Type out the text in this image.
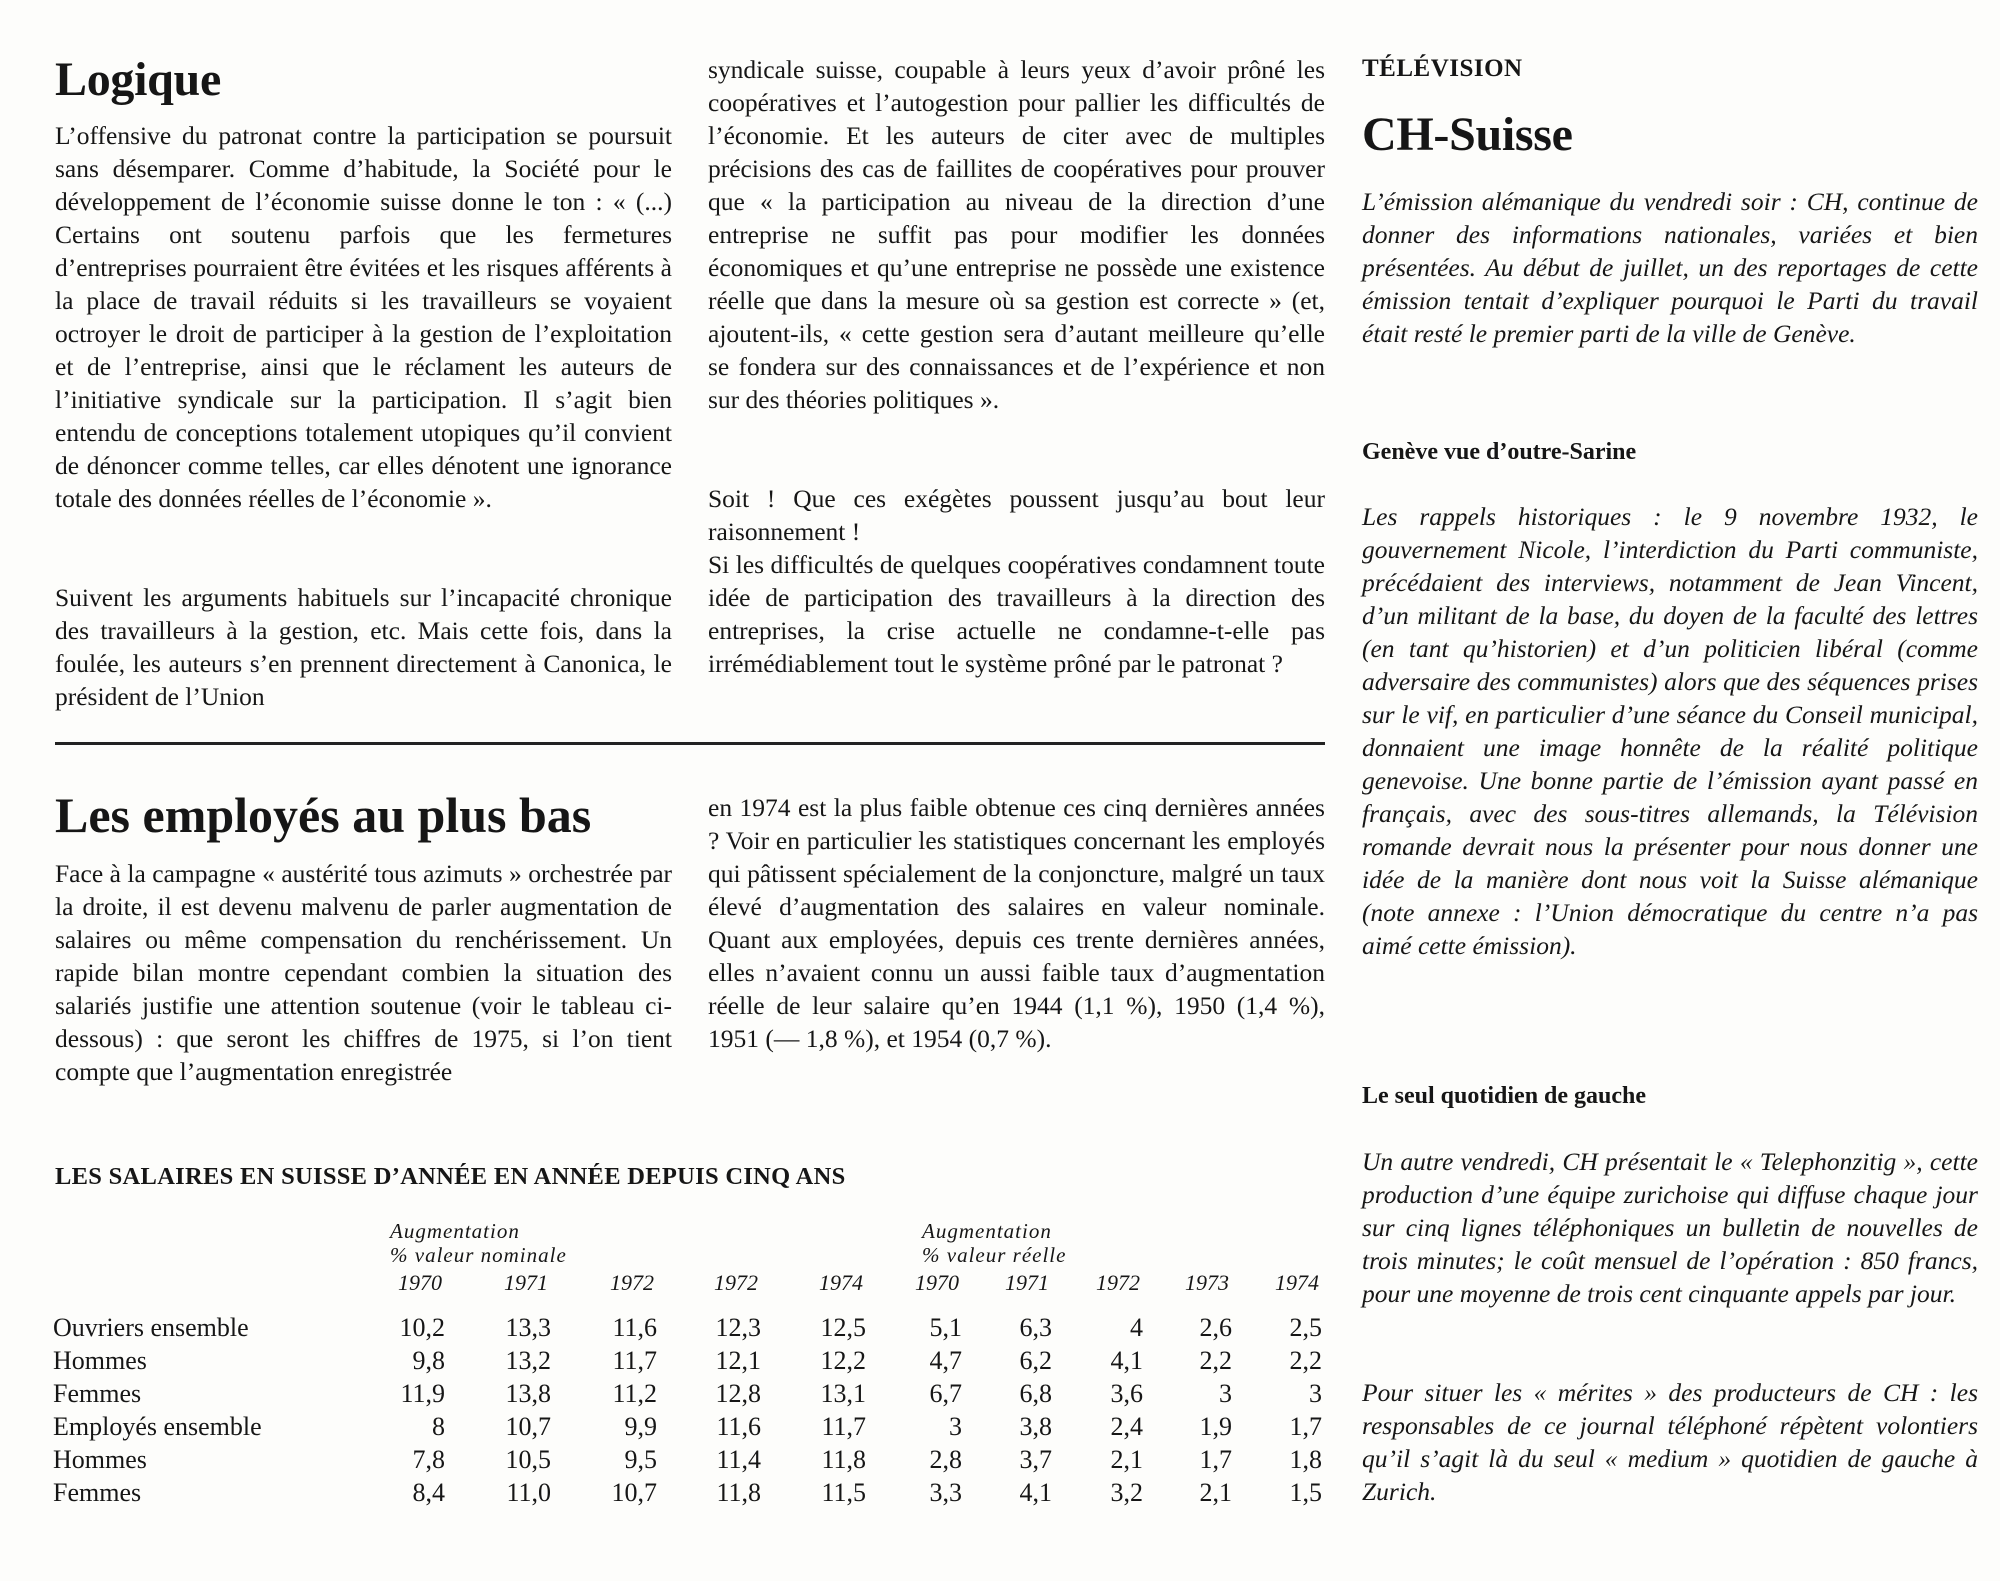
Logique

L’offensive du patronat contre la participation se poursuit sans désemparer. Comme d’habitude, la Société pour le développement de l’économie suisse donne le ton : « (...) Certains ont soutenu parfois que les fermetures d’entreprises pourraient être évitées et les risques afférents à la place de travail réduits si les travailleurs se voyaient octroyer le droit de participer à la gestion de l’exploitation et de l’entreprise, ainsi que le réclament les auteurs de l’initiative syndicale sur la participation. Il s’agit bien entendu de conceptions totalement utopiques qu’il convient de dénoncer comme telles, car elles dénotent une ignorance totale des données réelles de l’économie ».

Suivent les arguments habituels sur l’incapacité chronique des travailleurs à la gestion, etc. Mais cette fois, dans la foulée, les auteurs s’en prennent directement à Canonica, le président de l’Union

syndicale suisse, coupable à leurs yeux d’avoir prôné les coopératives et l’autogestion pour pallier les difficultés de l’économie. Et les auteurs de citer avec de multiples précisions des cas de faillites de coopératives pour prouver que « la participation au niveau de la direction d’une entreprise ne suffit pas pour modifier les données économiques et qu’une entreprise ne possède une existence réelle que dans la mesure où sa gestion est correcte » (et, ajoutent-ils, « cette gestion sera d’autant meilleure qu’elle se fondera sur des connaissances et de l’expérience et non sur des théories politiques ».

Soit ! Que ces exégètes poussent jusqu’au bout leur raisonnement !

Si les difficultés de quelques coopératives condamnent toute idée de participation des travailleurs à la direction des entreprises, la crise actuelle ne condamne-t-elle pas irrémédiablement tout le système prôné par le patronat ?

Les employés au plus bas

Face à la campagne « austérité tous azimuts » orchestrée par la droite, il est devenu malvenu de parler augmentation de salaires ou même compensation du renchérissement. Un rapide bilan montre cependant combien la situation des salariés justifie une attention soutenue (voir le tableau ci-dessous) : que seront les chiffres de 1975, si l’on tient compte que l’augmentation enregistrée

en 1974 est la plus faible obtenue ces cinq dernières années ? Voir en particulier les statistiques concernant les employés qui pâtissent spécialement de la conjoncture, malgré un taux élevé d’augmentation des salaires en valeur nominale. Quant aux employées, depuis ces trente dernières années, elles n’avaient connu un aussi faible taux d’augmentation réelle de leur salaire qu’en 1944 (1,1 %), 1950 (1,4 %), 1951 (— 1,8 %), et 1954 (0,7 %).

LES SALAIRES EN SUISSE D’ANNÉE EN ANNÉE DEPUIS CINQ ANS
Augmentation
% valeur nominale
Augmentation
% valeur réelle
1970	1971	1972	1972	1974	1970	1971	1972	1973	1974
Ouvriers ensemble	10,2	13,3	11,6	12,3	12,5	5,1	6,3	4	2,6	2,5
Hommes	9,8	13,2	11,7	12,1	12,2	4,7	6,2	4,1	2,2	2,2
Femmes	11,9	13,8	11,2	12,8	13,1	6,7	6,8	3,6	3	3
Employés ensemble	8	10,7	9,9	11,6	11,7	3	3,8	2,4	1,9	1,7
Hommes	7,8	10,5	9,5	11,4	11,8	2,8	3,7	2,1	1,7	1,8
Femmes	8,4	11,0	10,7	11,8	11,5	3,3	4,1	3,2	2,1	1,5
TÉLÉVISION
CH-Suisse

L’émission alémanique du vendredi soir : CH, continue de donner des informations nationales, variées et bien présentées. Au début de juillet, un des reportages de cette émission tentait d’expliquer pourquoi le Parti du travail était resté le premier parti de la ville de Genève.

Genève vue d’outre-Sarine

Les rappels historiques : le 9 novembre 1932, le gouvernement Nicole, l’interdiction du Parti communiste, précédaient des interviews, notamment de Jean Vincent, d’un militant de la base, du doyen de la faculté des lettres (en tant qu’historien) et d’un politicien libéral (comme adversaire des communistes) alors que des séquences prises sur le vif, en particulier d’une séance du Conseil municipal, donnaient une image honnête de la réalité politique genevoise. Une bonne partie de l’émission ayant passé en français, avec des sous-titres allemands, la Télévision romande devrait nous la présenter pour nous donner une idée de la manière dont nous voit la Suisse alémanique (note annexe : l’Union démocratique du centre n’a pas aimé cette émission).

Le seul quotidien de gauche

Un autre vendredi, CH présentait le « Telephonzitig », cette production d’une équipe zurichoise qui diffuse chaque jour sur cinq lignes téléphoniques un bulletin de nouvelles de trois minutes; le coût mensuel de l’opération : 850 francs, pour une moyenne de trois cent cinquante appels par jour.

Pour situer les « mérites » des producteurs de CH : les responsables de ce journal téléphoné répètent volontiers qu’il s’agit là du seul « medium » quotidien de gauche à Zurich.
